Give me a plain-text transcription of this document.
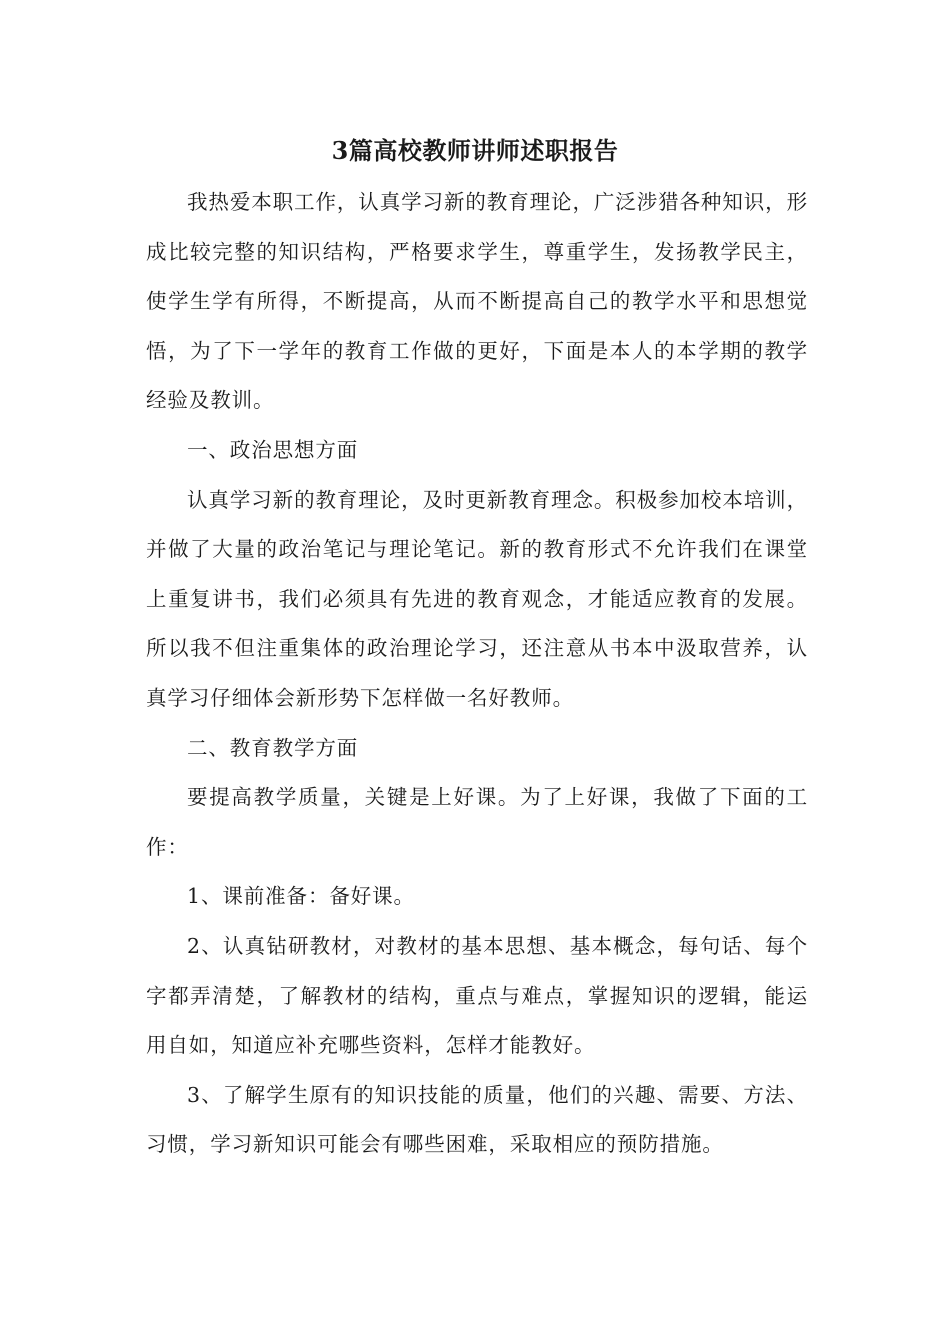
3篇高校教师讲师述职报告

我热爱本职工作，认真学习新的教育理论，广泛涉猎各种知识，形成比较完整的知识结构，严格要求学生，尊重学生，发扬教学民主，使学生学有所得，不断提高，从而不断提高自己的教学水平和思想觉悟，为了下一学年的教育工作做的更好，下面是本人的本学期的教学经验及教训。

一、政治思想方面

认真学习新的教育理论，及时更新教育理念。积极参加校本培训，并做了大量的政治笔记与理论笔记。新的教育形式不允许我们在课堂上重复讲书，我们必须具有先进的教育观念，才能适应教育的发展。所以我不但注重集体的政治理论学习，还注意从书本中汲取营养，认真学习仔细体会新形势下怎样做一名好教师。

二、教育教学方面

要提高教学质量，关键是上好课。为了上好课，我做了下面的工作：

1、课前准备：备好课。

2、认真钻研教材，对教材的基本思想、基本概念，每句话、每个字都弄清楚，了解教材的结构，重点与难点，掌握知识的逻辑，能运用自如，知道应补充哪些资料，怎样才能教好。

3、了解学生原有的知识技能的质量，他们的兴趣、需要、方法、习惯，学习新知识可能会有哪些困难，采取相应的预防措施。
